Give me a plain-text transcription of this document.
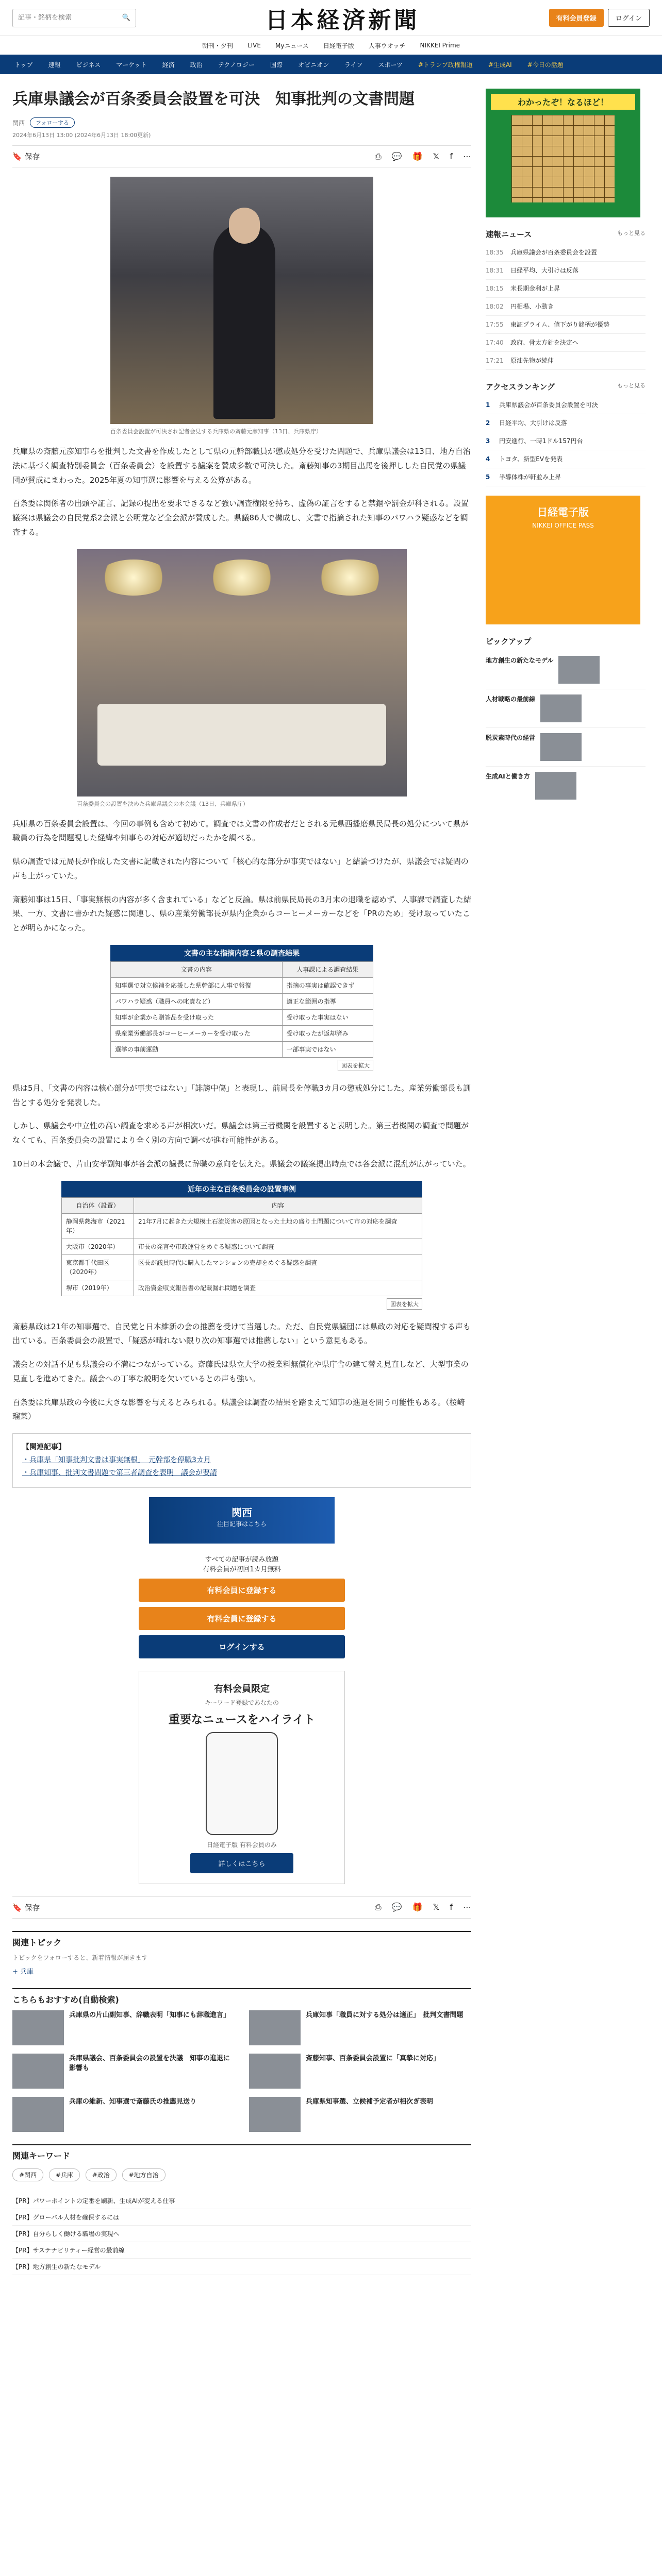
記事・銘柄を検索
🔍	日本経済新聞	有料会員登録	ログイン
朝刊・夕刊 LIVE Myニュース 日経電子版 人事ウオッチ NIKKEI Prime
トップ	速報	ビジネス	マーケット	経済	政治	テクノロジー	国際	オピニオン	ライフ	スポーツ	#トランプ政権報道	#生成AI	#今日の話題
兵庫県議会が百条委員会設置を可決　知事批判の文書問題
関西	フォローする
2024年6月13日 13:00 (2024年6月13日 18:00更新)
🔖 保存	⎙ 💬 🎁 𝕏 f ⋯
百条委員会設置が可決され記者会見する兵庫県の斎藤元彦知事（13日、兵庫県庁）

兵庫県の斎藤元彦知事らを批判した文書を作成したとして県の元幹部職員が懲戒処分を受けた問題で、兵庫県議会は13日、地方自治法に基づく調査特別委員会（百条委員会）を設置する議案を賛成多数で可決した。斎藤知事の3期目出馬を後押しした自民党の県議団が賛成にまわった。2025年夏の知事選に影響を与える公算がある。

百条委は関係者の出頭や証言、記録の提出を要求できるなど強い調査権限を持ち、虚偽の証言をすると禁錮や罰金が科される。設置議案は県議会の自民党系2会派と公明党など全会派が賛成した。県議86人で構成し、文書で指摘された知事のパワハラ疑惑などを調査する。

百条委員会の設置を決めた兵庫県議会の本会議（13日、兵庫県庁）

兵庫県の百条委員会設置は、今回の事例も含めて初めて。調査では文書の作成者だとされる元県西播磨県民局長の処分について県が職員の行為を問題視した経緯や知事らの対応が適切だったかを調べる。

県の調査では元局長が作成した文書に記載された内容について「核心的な部分が事実ではない」と結論づけたが、県議会では疑問の声も上がっていた。

斎藤知事は15日、「事実無根の内容が多く含まれている」などと反論。県は前県民局長の3月末の退職を認めず、人事課で調査した結果、一方、文書に書かれた疑惑に関連し、県の産業労働部長が県内企業からコーヒーメーカーなどを「PRのため」受け取っていたことが明らかになった。

文書の主な指摘内容と県の調査結果
文書の内容	人事課による調査結果
知事選で対立候補を応援した県幹部に人事で報復	指摘の事実は確認できず
パワハラ疑惑（職員への叱責など）	適正な範囲の指導
知事が企業から贈答品を受け取った	受け取った事実はない
県産業労働部長がコーヒーメーカーを受け取った	受け取ったが返却済み
選挙の事前運動	一部事実ではない
図表を拡大

県は5月、「文書の内容は核心部分が事実ではない」「誹謗中傷」と表現し、前局長を停職3カ月の懲戒処分にした。産業労働部長も訓告とする処分を発表した。

しかし、県議会や中立性の高い調査を求める声が相次いだ。県議会は第三者機関を設置すると表明した。第三者機関の調査で問題がなくても、百条委員会の設置により全く別の方向で調べが進む可能性がある。

10日の本会議で、片山安孝副知事が各会派の議長に辞職の意向を伝えた。県議会の議案提出時点では各会派に混乱が広がっていた。

近年の主な百条委員会の設置事例
自治体（設置）	内容
静岡県熱海市（2021年）	21年7月に起きた大規模土石流災害の原因となった土地の盛り土問題について市の対応を調査
大阪市（2020年）	市長の発言や市政運営をめぐる疑惑について調査
東京都千代田区（2020年）	区長が議員時代に購入したマンションの売却をめぐる疑惑を調査
堺市（2019年）	政治資金収支報告書の記載漏れ問題を調査
図表を拡大

斎藤県政は21年の知事選で、自民党と日本維新の会の推薦を受けて当選した。ただ、自民党県議団には県政の対応を疑問視する声も出ている。百条委員会の設置で、「疑惑が晴れない限り次の知事選では推薦しない」という意見もある。

議会との対話不足も県議会の不満につながっている。斎藤氏は県立大学の授業料無償化や県庁舎の建て替え見直しなど、大型事業の見直しを進めてきた。議会への丁寧な説明を欠いているとの声も強い。

百条委は兵庫県政の今後に大きな影響を与えるとみられる。県議会は調査の結果を踏まえて知事の進退を問う可能性もある。（桜崎瑠菜）

【関連記事】
・兵庫県「知事批判文書は事実無根」　元幹部を停職3カ月
・兵庫知事、批判文書問題で第三者調査を表明　議会が要請
関西
注目記事はこちら
すべての記事が読み放題
有料会員が初回1カ月無料
有料会員に登録する
有料会員に登録する
ログインする
有料会員限定
キーワード登録であなたの
重要なニュースをハイライト
日経電子版 有料会員のみ
詳しくはこちら
🔖 保存	⎙ 💬 🎁 𝕏 f ⋯
関連トピック
トピックをフォローすると、新着情報が届きます
+ 兵庫
こちらもおすすめ(自動検索)
兵庫県の片山副知事、辞職表明「知事にも辞職進言」	兵庫知事「職員に対する処分は適正」　批判文書問題
兵庫県議会、百条委員会の設置を決議　知事の進退に影響も
斎藤知事、百条委員会設置に「真摯に対応」
兵庫の維新、知事選で斎藤氏の推薦見送り	兵庫県知事選、立候補予定者が相次ぎ表明
関連キーワード
#関西	#兵庫	#政治	#地方自治
【PR】パワーポイントの定番を刷新、生成AIが変える仕事
【PR】グローバル人材を確保するには
【PR】自分らしく働ける職場の実現へ
【PR】サステナビリティー経営の最前線
【PR】地方創生の新たなモデル
わかったぞ！なるほど！
速報ニュース	もっと見る
18:35 兵庫県議会が百条委員会を設置
18:31 日経平均、大引けは反落
18:15 米長期金利が上昇
18:02 円相場、小動き
17:55 東証プライム、値下がり銘柄が優勢
17:40 政府、骨太方針を決定へ
17:21 原油先物が続伸
アクセスランキング	もっと見る
1	兵庫県議会が百条委員会設置を可決
2	日経平均、大引けは反落
3	円安進行、一時1ドル157円台
4	トヨタ、新型EVを発表
5	半導体株が軒並み上昇
日経電子版
NIKKEI OFFICE PASS
ピックアップ
地方創生の新たなモデル
人材戦略の最前線
脱炭素時代の経営
生成AIと働き方
